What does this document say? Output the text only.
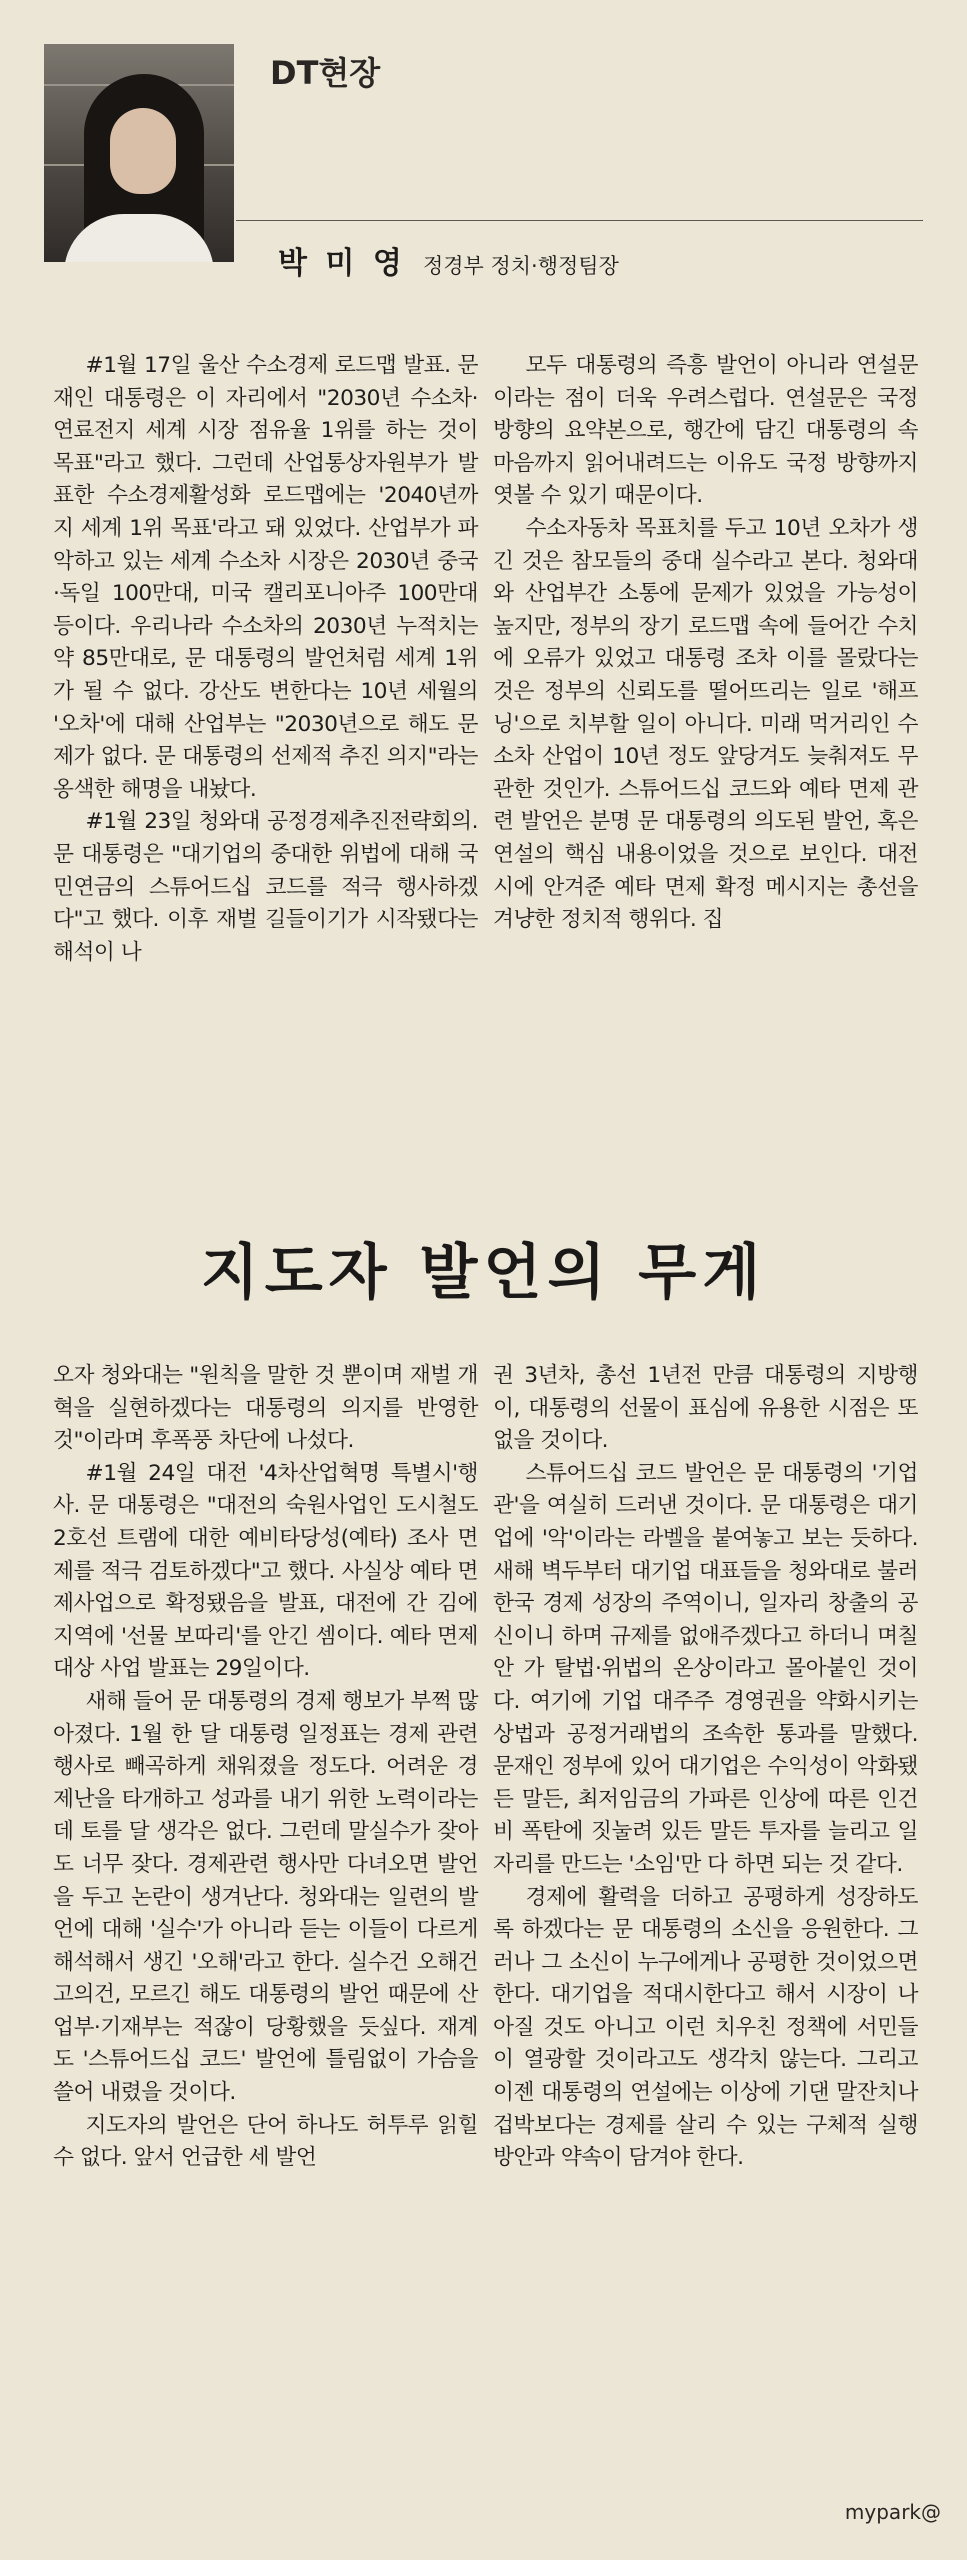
DT현장
박 미 영 정경부 정치·행정팀장

#1월 17일 울산 수소경제 로드맵 발표. 문재인 대통령은 이 자리에서 "2030년 수소차·연료전지 세계 시장 점유율 1위를 하는 것이 목표"라고 했다. 그런데 산업통상자원부가 발표한 수소경제활성화 로드맵에는 '2040년까지 세계 1위 목표'라고 돼 있었다. 산업부가 파악하고 있는 세계 수소차 시장은 2030년 중국·독일 100만대, 미국 캘리포니아주 100만대 등이다. 우리나라 수소차의 2030년 누적치는 약 85만대로, 문 대통령의 발언처럼 세계 1위가 될 수 없다. 강산도 변한다는 10년 세월의 '오차'에 대해 산업부는 "2030년으로 해도 문제가 없다. 문 대통령의 선제적 추진 의지"라는 옹색한 해명을 내놨다.

#1월 23일 청와대 공정경제추진전략회의. 문 대통령은 "대기업의 중대한 위법에 대해 국민연금의 스튜어드십 코드를 적극 행사하겠다"고 했다. 이후 재벌 길들이기가 시작됐다는 해석이 나

모두 대통령의 즉흥 발언이 아니라 연설문이라는 점이 더욱 우려스럽다. 연설문은 국정 방향의 요약본으로, 행간에 담긴 대통령의 속마음까지 읽어내려드는 이유도 국정 방향까지 엿볼 수 있기 때문이다.

수소자동차 목표치를 두고 10년 오차가 생긴 것은 참모들의 중대 실수라고 본다. 청와대와 산업부간 소통에 문제가 있었을 가능성이 높지만, 정부의 장기 로드맵 속에 들어간 수치에 오류가 있었고 대통령 조차 이를 몰랐다는 것은 정부의 신뢰도를 떨어뜨리는 일로 '해프닝'으로 치부할 일이 아니다. 미래 먹거리인 수소차 산업이 10년 정도 앞당겨도 늦춰져도 무관한 것인가. 스튜어드십 코드와 예타 면제 관련 발언은 분명 문 대통령의 의도된 발언, 혹은 연설의 핵심 내용이었을 것으로 보인다. 대전시에 안겨준 예타 면제 확정 메시지는 총선을 겨냥한 정치적 행위다. 집

지도자 발언의 무게

오자 청와대는 "원칙을 말한 것 뿐이며 재벌 개혁을 실현하겠다는 대통령의 의지를 반영한 것"이라며 후폭풍 차단에 나섰다.

#1월 24일 대전 '4차산업혁명 특별시'행사. 문 대통령은 "대전의 숙원사업인 도시철도 2호선 트램에 대한 예비타당성(예타) 조사 면제를 적극 검토하겠다"고 했다. 사실상 예타 면제사업으로 확정됐음을 발표, 대전에 간 김에 지역에 '선물 보따리'를 안긴 셈이다. 예타 면제 대상 사업 발표는 29일이다.

새해 들어 문 대통령의 경제 행보가 부쩍 많아졌다. 1월 한 달 대통령 일정표는 경제 관련 행사로 빼곡하게 채워졌을 정도다. 어려운 경제난을 타개하고 성과를 내기 위한 노력이라는 데 토를 달 생각은 없다. 그런데 말실수가 잦아도 너무 잦다. 경제관련 행사만 다녀오면 발언을 두고 논란이 생겨난다. 청와대는 일련의 발언에 대해 '실수'가 아니라 듣는 이들이 다르게 해석해서 생긴 '오해'라고 한다. 실수건 오해건 고의건, 모르긴 해도 대통령의 발언 때문에 산업부·기재부는 적잖이 당황했을 듯싶다. 재계도 '스튜어드십 코드' 발언에 틀림없이 가슴을 쓸어 내렸을 것이다.

지도자의 발언은 단어 하나도 허투루 읽힐 수 없다. 앞서 언급한 세 발언

권 3년차, 총선 1년전 만큼 대통령의 지방행이, 대통령의 선물이 표심에 유용한 시점은 또 없을 것이다.

스튜어드십 코드 발언은 문 대통령의 '기업관'을 여실히 드러낸 것이다. 문 대통령은 대기업에 '악'이라는 라벨을 붙여놓고 보는 듯하다. 새해 벽두부터 대기업 대표들을 청와대로 불러 한국 경제 성장의 주역이니, 일자리 창출의 공신이니 하며 규제를 없애주겠다고 하더니 며칠 안 가 탈법·위법의 온상이라고 몰아붙인 것이다. 여기에 기업 대주주 경영권을 약화시키는 상법과 공정거래법의 조속한 통과를 말했다. 문재인 정부에 있어 대기업은 수익성이 악화됐든 말든, 최저임금의 가파른 인상에 따른 인건비 폭탄에 짓눌려 있든 말든 투자를 늘리고 일자리를 만드는 '소임'만 다 하면 되는 것 같다.

경제에 활력을 더하고 공평하게 성장하도록 하겠다는 문 대통령의 소신을 응원한다. 그러나 그 소신이 누구에게나 공평한 것이었으면 한다. 대기업을 적대시한다고 해서 시장이 나아질 것도 아니고 이런 치우친 정책에 서민들이 열광할 것이라고도 생각치 않는다. 그리고 이젠 대통령의 연설에는 이상에 기댄 말잔치나 겁박보다는 경제를 살리 수 있는 구체적 실행 방안과 약속이 담겨야 한다.

mypark@
